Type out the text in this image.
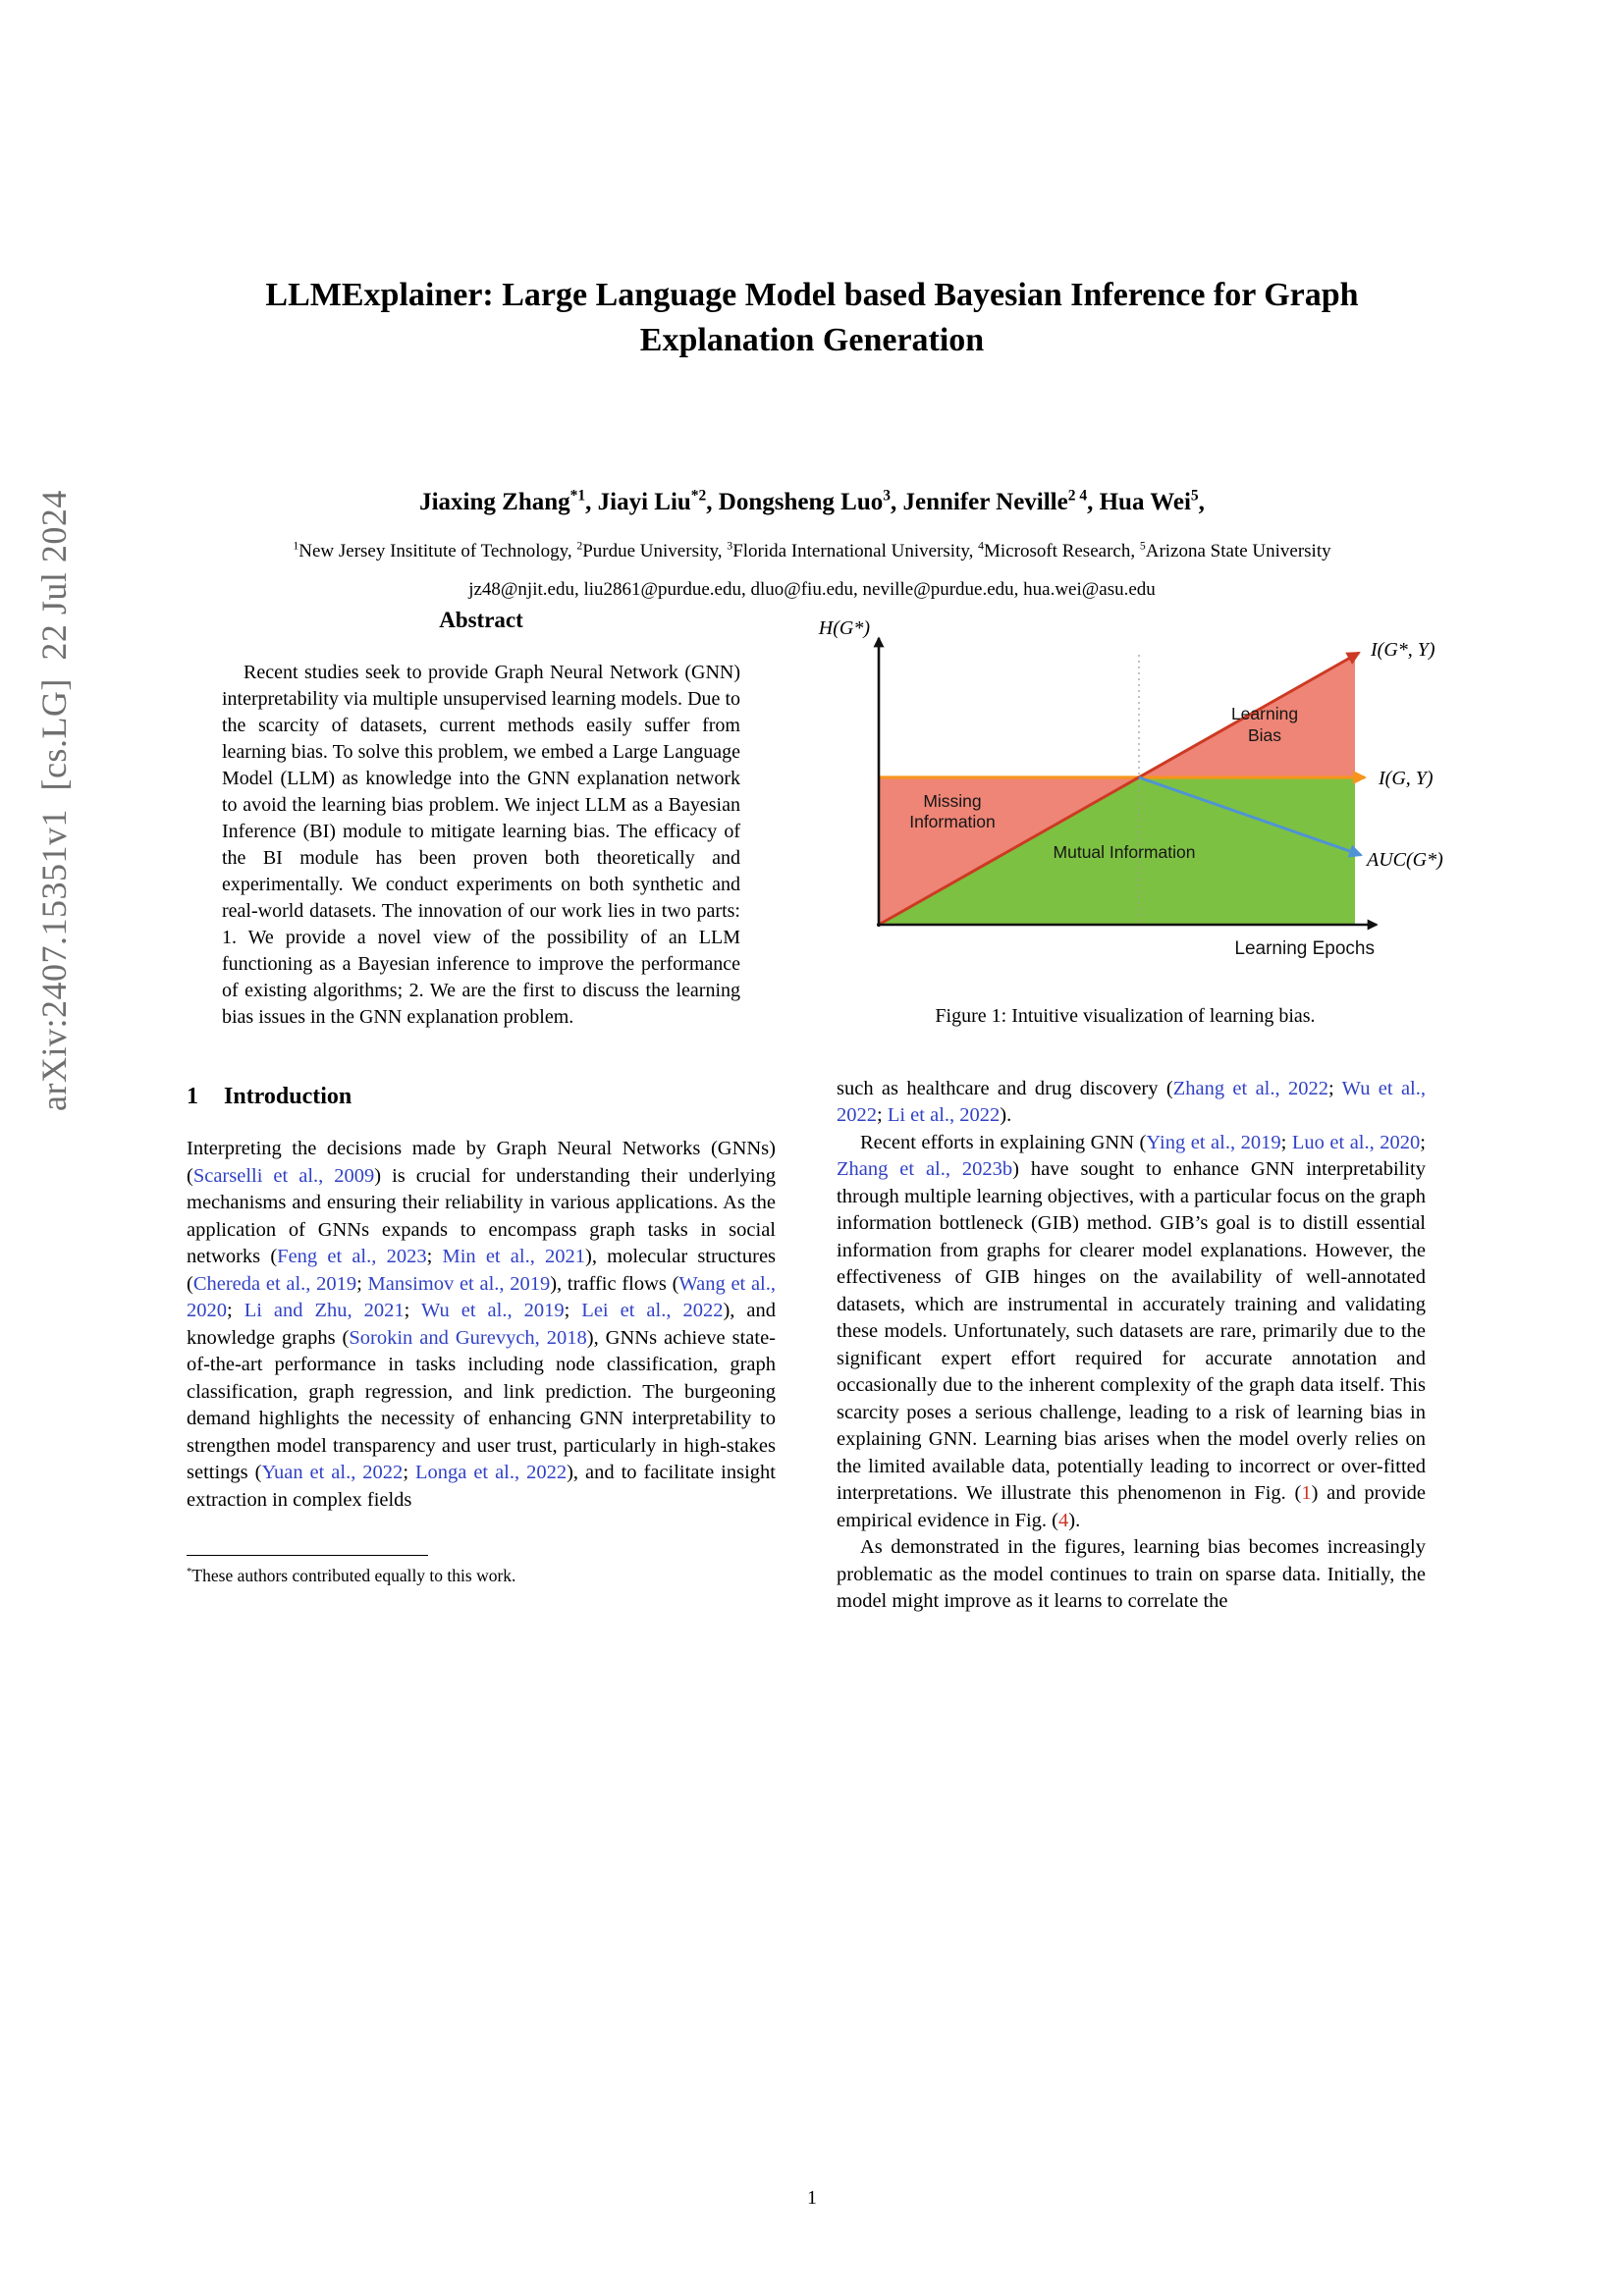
arXiv:2407.15351v1 [cs.LG] 22 Jul 2024
LLMExplainer: Large Language Model based Bayesian Inference for Graph Explanation Generation
Jiaxing Zhang$^{*1}$, Jiayi Liu$^{*2}$, Dongsheng Luo$^3$, Jennifer Neville$^{2 4}$, Hua Wei$^5$,
$^1$New Jersey Insititute of Technology, $^2$Purdue University, $^3$Florida International University, $^4$Microsoft Research, $^5$Arizona State University
jz48@njit.edu, liu2861@purdue.edu, dluo@fiu.edu, neville@purdue.edu, hua.wei@asu.edu
Abstract

Recent studies seek to provide Graph Neural Network (GNN) interpretability via multiple unsupervised learning models. Due to the scarcity of datasets, current methods easily suffer from learning bias. To solve this problem, we embed a Large Language Model (LLM) as knowledge into the GNN explanation network to avoid the learning bias problem. We inject LLM as a Bayesian Inference (BI) module to mitigate learning bias. The efficacy of the BI module has been proven both theoretically and experimentally. We conduct experiments on both synthetic and real-world datasets. The innovation of our work lies in two parts: 1. We provide a novel view of the possibility of an LLM functioning as a Bayesian inference to improve the performance of existing algorithms; 2. We are the first to discuss the learning bias issues in the GNN explanation problem.

1 Introduction

Interpreting the decisions made by Graph Neural Networks (GNNs) (Scarselli et al., 2009) is crucial for understanding their underlying mechanisms and ensuring their reliability in various applications. As the application of GNNs expands to encompass graph tasks in social networks (Feng et al., 2023; Min et al., 2021), molecular structures (Chereda et al., 2019; Mansimov et al., 2019), traffic flows (Wang et al., 2020; Li and Zhu, 2021; Wu et al., 2019; Lei et al., 2022), and knowledge graphs (Sorokin and Gurevych, 2018), GNNs achieve state-of-the-art performance in tasks including node classification, graph classification, graph regression, and link prediction. The burgeoning demand highlights the necessity of enhancing GNN interpretability to strengthen model transparency and user trust, particularly in high-stakes settings (Yuan et al., 2022; Longa et al., 2022), and to facilitate insight extraction in complex fields

*These authors contributed equally to this work.

H(G*)
I(G*, Y)
I(G, Y)
AUC(G*)
Learning Epochs
Missing
Information
Learning
Bias
Mutual Information
Figure 1: Intuitive visualization of learning bias.

such as healthcare and drug discovery (Zhang et al., 2022; Wu et al., 2022; Li et al., 2022).

Recent efforts in explaining GNN (Ying et al., 2019; Luo et al., 2020; Zhang et al., 2023b) have sought to enhance GNN interpretability through multiple learning objectives, with a particular focus on the graph information bottleneck (GIB) method. GIB’s goal is to distill essential information from graphs for clearer model explanations. However, the effectiveness of GIB hinges on the availability of well-annotated datasets, which are instrumental in accurately training and validating these models. Unfortunately, such datasets are rare, primarily due to the significant expert effort required for accurate annotation and occasionally due to the inherent complexity of the graph data itself. This scarcity poses a serious challenge, leading to a risk of learning bias in explaining GNN. Learning bias arises when the model overly relies on the limited available data, potentially leading to incorrect or over-fitted interpretations. We illustrate this phenomenon in Fig. (1) and provide empirical evidence in Fig. (4).

As demonstrated in the figures, learning bias becomes increasingly problematic as the model continues to train on sparse data. Initially, the model might improve as it learns to correlate the

1
